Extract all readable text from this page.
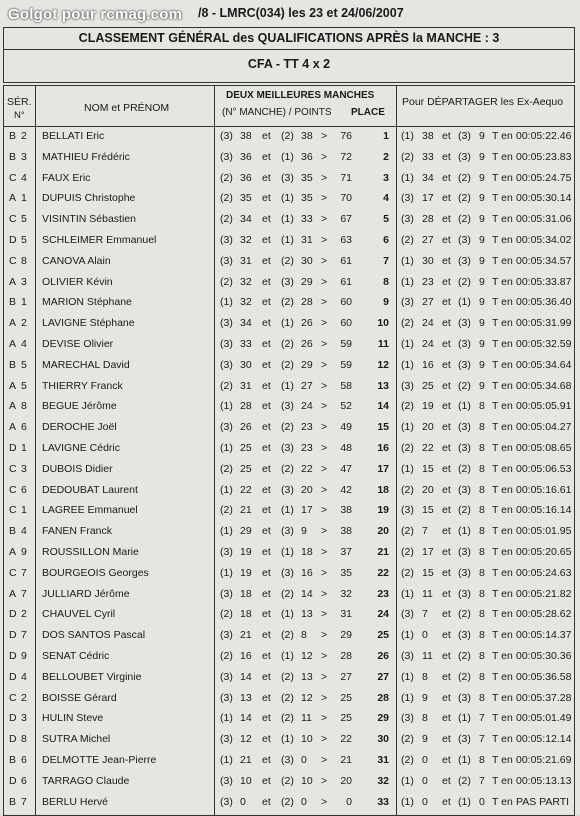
Golgot pour rcmag.com /8 - LMRC(034) les 23 et 24/06/2007
CLASSEMENT GÉNÉRAL des QUALIFICATIONS APRÈS la MANCHE : 3
CFA - TT 4 x 2
SÉR.
N°
NOM et PRÉNOM
DEUX MEILLEURES MANCHES
(N° MANCHE) / POINTS PLACE
Pour DÉPARTAGER les Ex-Aequo
B 2 BELLATI Eric	(3) 38 et (2) 38 >	76	1 (1) 38 et (3) 9 T en 00:05:22.46
B 3 MATHIEU Frédéric	(3) 36 et (1) 36 >	72	2 (2) 33 et (3) 9 T en 00:05:23.83
C 4 FAUX Eric	(2) 36 et (3) 35 >	71	3 (1) 34 et (2) 9 T en 00:05:24.75
A 1 DUPUIS Christophe	(2) 35 et (1) 35 >	70	4 (3) 17 et (2) 9 T en 00:05:30.14
C 5 VISINTIN Sébastien	(2) 34 et (1) 33 >	67	5 (3) 28 et (2) 9 T en 00:05:31.06
D 5 SCHLEIMER Emmanuel	(3) 32 et (1) 31 >	63	6 (2) 27 et (3) 9 T en 00:05:34.02
C 8 CANOVA Alain	(3) 31 et (2) 30 >	61	7 (1) 30 et (3) 9 T en 00:05:34.57
A 3 OLIVIER Kévin	(2) 32 et (3) 29 >	61	8 (1) 23 et (2) 9 T en 00:05:33.87
B 1 MARION Stéphane	(1) 32 et (2) 28 >	60	9 (3) 27 et (1) 9 T en 00:05:36.40
A 2 LAVIGNE Stéphane	(3) 34 et (1) 26 >	60	10 (2) 24 et (3) 9 T en 00:05:31.99
A 4 DEVISE Olivier	(3) 33 et (2) 26 >	59	11 (1) 24 et (3) 9 T en 00:05:32.59
B 5 MARECHAL David	(3) 30 et (2) 29 >	59	12 (1) 16 et (3) 9 T en 00:05:34.64
A 5 THIERRY Franck	(2) 31 et (1) 27 >	58	13 (3) 25 et (2) 9 T en 00:05:34.68
A 8 BEGUE Jérôme	(1) 28 et (3) 24 >	52	14 (2) 19 et (1) 8 T en 00:05:05.91
A 6 DEROCHE Joël	(3) 26 et (2) 23 >	49	15 (1) 20 et (3) 8 T en 00:05:04.27
D 1 LAVIGNE Cédric	(1) 25 et (3) 23 >	48	16 (2) 22 et (3) 8 T en 00:05:08.65
C 3 DUBOIS Didier	(2) 25 et (2) 22 >	47	17 (1) 15 et (2) 8 T en 00:05:06.53
C 6 DEDOUBAT Laurent	(1) 22 et (3) 20 >	42	18 (2) 20 et (3) 8 T en 00:05:16.61
C 1 LAGREE Emmanuel	(2) 21 et (1) 17 >	38	19 (3) 15 et (2) 8 T en 00:05:16.14
B 4 FANEN Franck	(1) 29 et (3) 9 >	38	20 (2) 7 et (1) 8 T en 00:05:01.95
A 9 ROUSSILLON Marie	(3) 19 et (1) 18 >	37	21 (2) 17 et (3) 8 T en 00:05:20.65
C 7 BOURGEOIS Georges	(1) 19 et (3) 16 >	35	22 (2) 15 et (3) 8 T en 00:05:24.63
A 7 JULLIARD Jérôme	(3) 18 et (2) 14 >	32	23 (1) 11 et (3) 8 T en 00:05:21.82
D 2 CHAUVEL Cyril	(2) 18 et (1) 13 >	31	24 (3) 7 et (2) 8 T en 00:05:28.62
D 7 DOS SANTOS Pascal	(3) 21 et (2) 8 >	29	25 (1) 0 et (3) 8 T en 00:05:14.37
D 9 SENAT Cédric	(2) 16 et (1) 12 >	28	26 (3) 11 et (2) 8 T en 00:05:30.36
D 4 BELLOUBET Virginie	(3) 14 et (2) 13 >	27	27 (1) 8 et (2) 8 T en 00:05:36.58
C 2 BOISSE Gérard	(3) 13 et (2) 12 >	25	28 (1) 9 et (3) 8 T en 00:05:37.28
D 3 HULIN Steve	(1) 14 et (2) 11 >	25	29 (3) 8 et (1) 7 T en 00:05:01.49
D 8 SUTRA Michel	(3) 12 et (1) 10 >	22	30 (2) 9 et (3) 7 T en 00:05:12.14
B 6 DELMOTTE Jean-Pierre	(1) 21 et (3) 0 >	21	31 (2) 0 et (1) 8 T en 00:05:21.69
D 6 TARRAGO Claude	(3) 10 et (2) 10 >	20	32 (1) 0 et (2) 7 T en 00:05:13.13
B 7 BERLU Hervé	(3) 0 et (2) 0 >	0	33 (1) 0 et (1) 0 T en PAS PARTI
